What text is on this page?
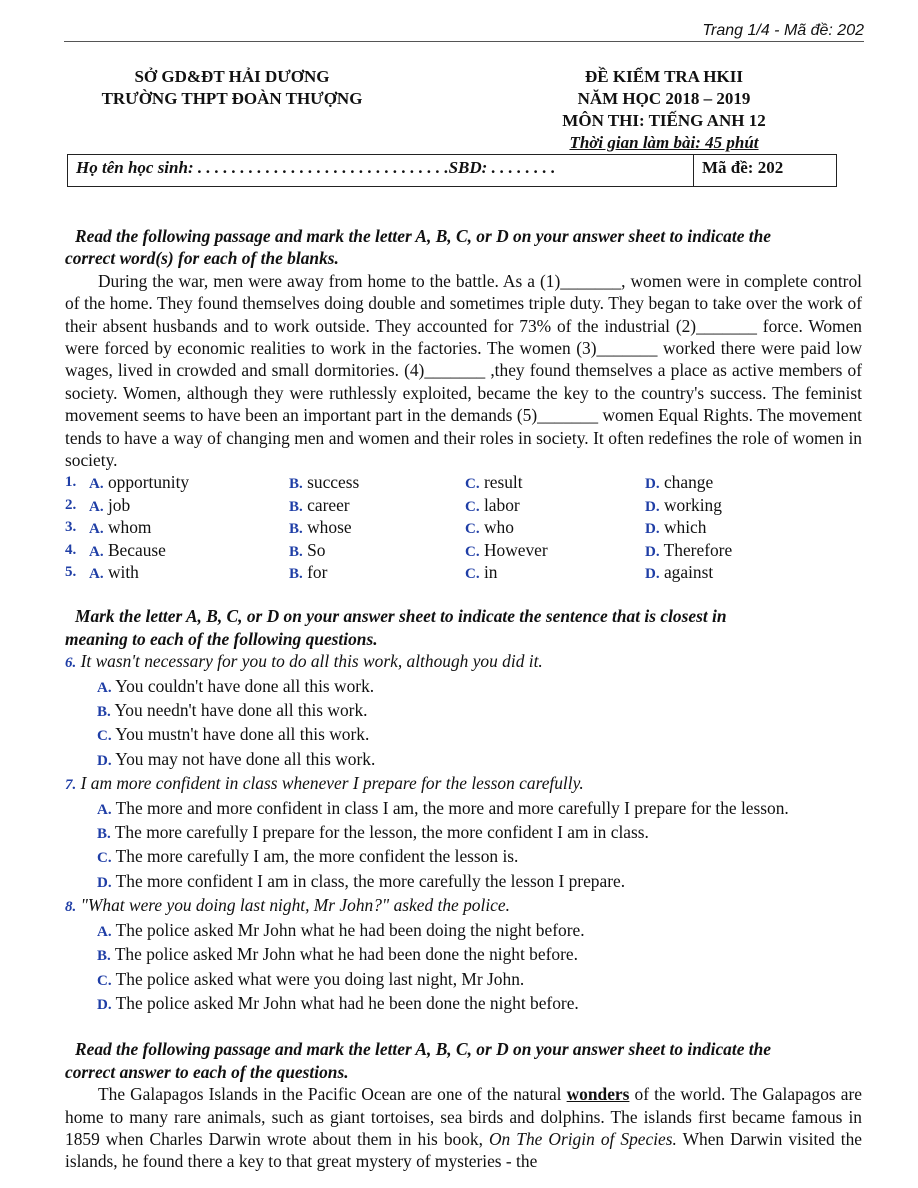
Trang 1/4 - Mã đề: 202
SỞ GD&ĐT HẢI DƯƠNG
TRƯỜNG THPT ĐOÀN THƯỢNG
ĐỀ KIỂM TRA HKII
NĂM HỌC 2018 – 2019
MÔN THI: TIẾNG ANH 12
Thời gian làm bài: 45 phút
Họ tên học sinh: . . . . . . . . . . . . . . . . . . . . . . . . . . . . . .SBD: . . . . . . . .	Mã đề: 202

Read the following passage and mark the letter A, B, C, or D on your answer sheet to indicate the

correct word(s) for each of the blanks.

During the war, men were away from home to the battle. As a (1)_______, women were in complete control of the home. They found themselves doing double and sometimes triple duty. They began to take over the work of their absent husbands and to work outside. They accounted for 73% of the industrial (2)_______ force. Women were forced by economic realities to work in the factories. The women (3)_______ worked there were paid low wages, lived in crowded and small dormitories. (4)_______ ,they found themselves a place as active members of society. Women, although they were ruthlessly exploited, became the key to the country's success. The feminist movement seems to have been an important part in the demands (5)_______ women Equal Rights. The movement tends to have a way of changing men and women and their roles in society. It often redefines the role of women in society.

1. A. opportunity	B. success	C. result	D. change
2. A. job	B. career	C. labor	D. working
3. A. whom	B. whose	C. who	D. which
4. A. Because	B. So	C. However	D. Therefore
5. A. with	B. for	C. in	D. against

Mark the letter A, B, C, or D on your answer sheet to indicate the sentence that is closest in

meaning to each of the following questions.

6. It wasn't necessary for you to do all this work, although you did it.

A. You couldn't have done all this work.

B. You needn't have done all this work.

C. You mustn't have done all this work.

D. You may not have done all this work.

7. I am more confident in class whenever I prepare for the lesson carefully.

A. The more and more confident in class I am, the more and more carefully I prepare for the lesson.

B. The more carefully I prepare for the lesson, the more confident I am in class.

C. The more carefully I am, the more confident the lesson is.

D. The more confident I am in class, the more carefully the lesson I prepare.

8. "What were you doing last night, Mr John?" asked the police.

A. The police asked Mr John what he had been doing the night before.

B. The police asked Mr John what he had been done the night before.

C. The police asked what were you doing last night, Mr John.

D. The police asked Mr John what had he been done the night before.

Read the following passage and mark the letter A, B, C, or D on your answer sheet to indicate the

correct answer to each of the questions.

The Galapagos Islands in the Pacific Ocean are one of the natural wonders of the world. The Galapagos are home to many rare animals, such as giant tortoises, sea birds and dolphins. The islands first became famous in 1859 when Charles Darwin wrote about them in his book, On The Origin of Species. When Darwin visited the islands, he found there a key to that great mystery of mysteries - the
